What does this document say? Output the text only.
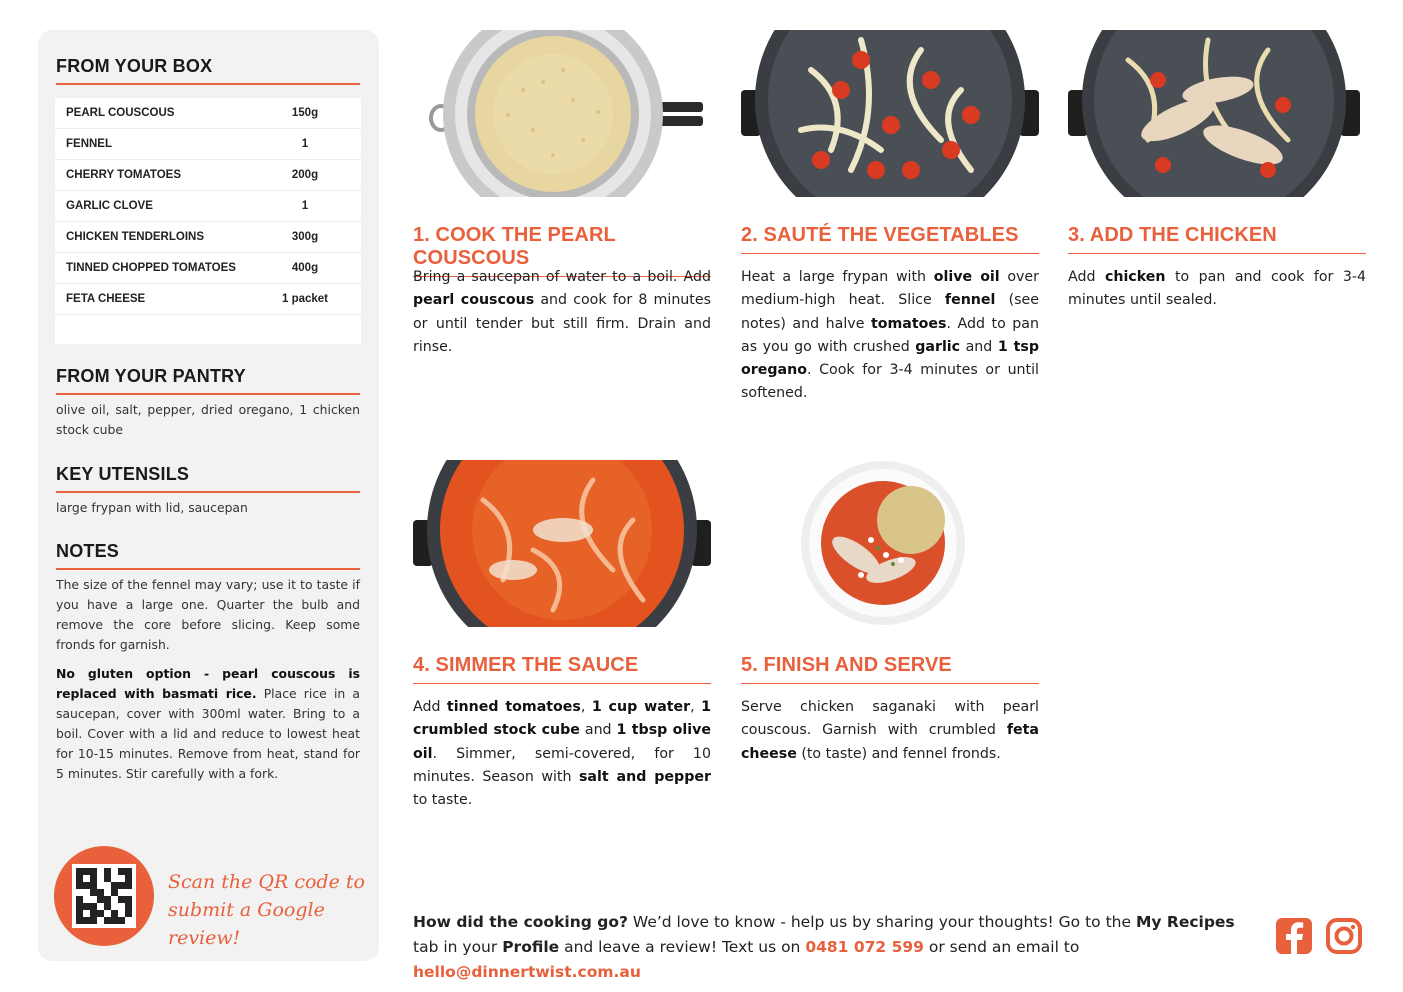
FROM YOUR BOX
PEARL COUSCOUS	150g
FENNEL	1
CHERRY TOMATOES	200g
GARLIC CLOVE	1
CHICKEN TENDERLOINS	300g
TINNED CHOPPED TOMATOES	400g
FETA CHEESE	1 packet
FROM YOUR PANTRY
olive oil, salt, pepper, dried oregano, 1 chicken stock cube
KEY UTENSILS
large frypan with lid, saucepan
NOTES
The size of the fennel may vary; use it to taste if you have a large one. Quarter the bulb and remove the core before slicing. Keep some fronds for garnish.
No gluten option - pearl couscous is replaced with basmati rice. Place rice in a saucepan, cover with 300ml water. Bring to a boil. Cover with a lid and reduce to lowest heat for 10-15 minutes. Remove from heat, stand for 5 minutes. Stir carefully with a fork.
Scan the QR code to
submit a Google review!
1. COOK THE PEARL COUSCOUS
Bring a saucepan of water to a boil. Add pearl couscous and cook for 8 minutes or until tender but still firm. Drain and rinse.
2. SAUTÉ THE VEGETABLES
Heat a large frypan with olive oil over medium-high heat. Slice fennel (see notes) and halve tomatoes. Add to pan as you go with crushed garlic and 1 tsp oregano. Cook for 3-4 minutes or until softened.
3. ADD THE CHICKEN
Add chicken to pan and cook for 3-4 minutes until sealed.
4. SIMMER THE SAUCE
Add tinned tomatoes, 1 cup water, 1 crumbled stock cube and 1 tbsp olive oil. Simmer, semi-covered, for 10 minutes. Season with salt and pepper to taste.
5. FINISH AND SERVE
Serve chicken saganaki with pearl couscous. Garnish with crumbled feta cheese (to taste) and fennel fronds.
How did the cooking go? We’d love to know - help us by sharing your thoughts! Go to the My Recipes tab in your Profile and leave a review! Text us on 0481 072 599 or send an email to hello@dinnertwist.com.au
